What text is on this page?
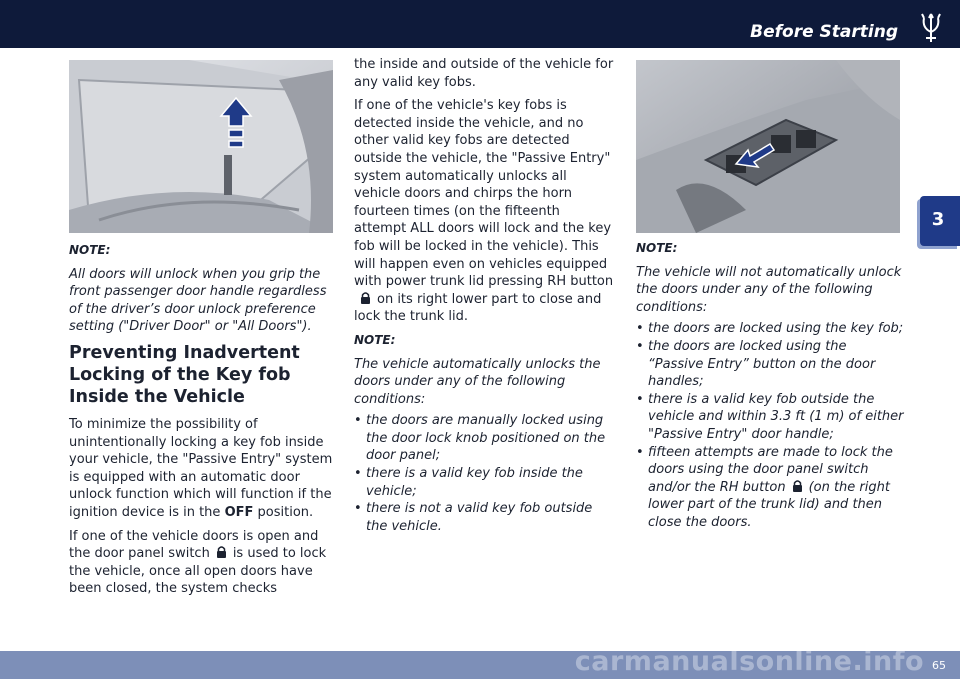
Before Starting
3

NOTE:

All doors will unlock when you grip the front passenger door handle regardless of the driver’s door unlock preference setting ("Driver Door" or "All Doors").

Preventing Inadvertent Locking of the Key fob Inside the Vehicle

To minimize the possibility of unintentionally locking a key fob inside your vehicle, the "Passive Entry" system is equipped with an automatic door unlock function which will function if the ignition device is in the OFF position.

If one of the vehicle doors is open and the door panel switch is used to lock the vehicle, once all open doors have been closed, the system checks

the inside and outside of the vehicle for any valid key fobs.

If one of the vehicle's key fobs is detected inside the vehicle, and no other valid key fobs are detected outside the vehicle, the "Passive Entry" system automatically unlocks all vehicle doors and chirps the horn fourteen times (on the fifteenth attempt ALL doors will lock and the key fob will be locked in the vehicle). This will happen even on vehicles equipped with power trunk lid pressing RH buttonon its right lower part to close and lock the trunk lid.

NOTE:

The vehicle automatically unlocks the doors under any of the following conditions:

• the doors are manually locked using the door lock knob positioned on the door panel;
• there is a valid key fob inside the vehicle;
• there is not a valid key fob outside the vehicle.

NOTE:

The vehicle will not automatically unlock the doors under any of the following conditions:

• the doors are locked using the key fob;
• the doors are locked using the “Passive Entry” button on the door handles;
• there is a valid key fob outside the vehicle and within 3.3 ft (1 m) of either "Passive Entry" door handle;
• fifteen attempts are made to lock the doors using the door panel switch and/or the RH button (on the right lower part of the trunk lid) and then close the doors.
65
carmanualsonline.info
